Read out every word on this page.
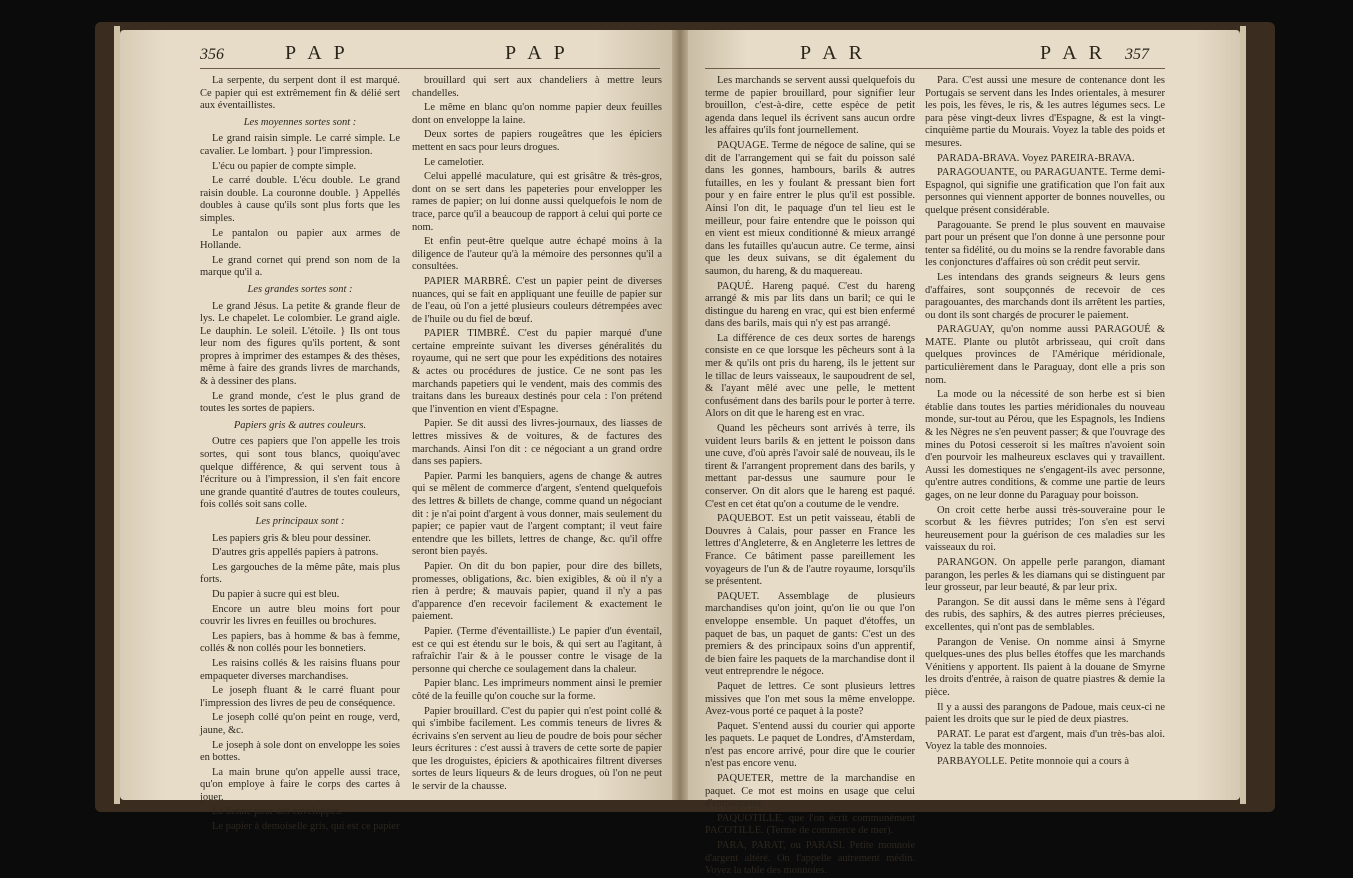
356	P A P	P A P	P A R	P A R 357

La serpente, du serpent dont il est marqué. Ce papier qui est extrêmement fin & délié sert aux éventaillistes.

Les moyennes sortes sont :

Le grand raisin simple. Le carré simple. Le cavalier. Le lombart. } pour l'impression.

L'écu ou papier de compte simple.

Le carré double. L'écu double. Le grand raisin double. La couronne double. } Appellés doubles à cause qu'ils sont plus forts que les simples.

Le pantalon ou papier aux armes de Hollande.

Le grand cornet qui prend son nom de la marque qu'il a.

Les grandes sortes sont :

Le grand Jésus. La petite & grande fleur de lys. Le chapelet. Le colombier. Le grand aigle. Le dauphin. Le soleil. L'étoile. } Ils ont tous leur nom des figures qu'ils portent, & sont propres à imprimer des estampes & des thèses, même à faire des grands livres de marchands, & à dessiner des plans.

Le grand monde, c'est le plus grand de toutes les sortes de papiers.

Papiers gris & autres couleurs.

Outre ces papiers que l'on appelle les trois sortes, qui sont tous blancs, quoiqu'avec quelque différence, & qui servent tous à l'écriture ou à l'impression, il s'en fait encore une grande quantité d'autres de toutes couleurs, fois collés soit sans colle.

Les principaux sont :

Les papiers gris & bleu pour dessiner.

D'autres gris appellés papiers à patrons.

Les gargouches de la même pâte, mais plus forts.

Du papier à sucre qui est bleu.

Encore un autre bleu moins fort pour couvrir les livres en feuilles ou brochures.

Les papiers, bas à homme & bas à femme, collés & non collés pour les bonnetiers.

Les raisins collés & les raisins fluans pour empaqueter diverses marchandises.

Le joseph fluant & le carré fluant pour l'impression des livres de peu de conséquence.

Le joseph collé qu'on peint en rouge, verd, jaune, &c.

Le joseph à sole dont on enveloppe les soies en bottes.

La main brune qu'on appelle aussi trace, qu'on employe à faire le corps des cartes à jouer.

La lienne pour des enveloppes.

Le papier à demoiselle gris, qui est ce papier

brouillard qui sert aux chandeliers à mettre leurs chandelles.

Le même en blanc qu'on nomme papier deux feuilles dont on enveloppe la laine.

Deux sortes de papiers rougeâtres que les épiciers mettent en sacs pour leurs drogues.

Le camelotier.

Celui appellé maculature, qui est grisâtre & très-gros, dont on se sert dans les papeteries pour envelopper les rames de papier; on lui donne aussi quelquefois le nom de trace, parce qu'il a beaucoup de rapport à celui qui porte ce nom.

Et enfin peut-être quelque autre échapé moins à la diligence de l'auteur qu'à la mémoire des personnes qu'il a consultées.

PAPIER MARBRÉ. C'est un papier peint de diverses nuances, qui se fait en appliquant une feuille de papier sur de l'eau, où l'on a jetté plusieurs couleurs détrempées avec de l'huile ou du fiel de bœuf.

PAPIER TIMBRÉ. C'est du papier marqué d'une certaine empreinte suivant les diverses généralités du royaume, qui ne sert que pour les expéditions des notaires & actes ou procédures de justice. Ce ne sont pas les marchands papetiers qui le vendent, mais des commis des traitans dans les bureaux destinés pour cela : l'on prétend que l'invention en vient d'Espagne.

Papier. Se dit aussi des livres-journaux, des liasses de lettres missives & de voitures, & de factures des marchands. Ainsi l'on dit : ce négociant a un grand ordre dans ses papiers.

Papier. Parmi les banquiers, agens de change & autres qui se mêlent de commerce d'argent, s'entend quelquefois des lettres & billets de change, comme quand un négociant dit : je n'ai point d'argent à vous donner, mais seulement du papier; ce papier vaut de l'argent comptant; il veut faire entendre que les billets, lettres de change, &c. qu'il offre seront bien payés.

Papier. On dit du bon papier, pour dire des billets, promesses, obligations, &c. bien exigibles, & où il n'y a rien à perdre; & mauvais papier, quand il n'y a pas d'apparence d'en recevoir facilement & exactement le paiement.

Papier. (Terme d'éventailliste.) Le papier d'un éventail, est ce qui est étendu sur le bois, & qui sert au l'agitant, à rafraîchir l'air & à le pousser contre le visage de la personne qui cherche ce soulagement dans la chaleur.

Papier blanc. Les imprimeurs nomment ainsi le premier côté de la feuille qu'on couche sur la forme.

Papier brouillard. C'est du papier qui n'est point collé & qui s'imbibe facilement. Les commis teneurs de livres & écrivains s'en servent au lieu de poudre de bois pour sécher leurs écritures : c'est aussi à travers de cette sorte de papier que les droguistes, épiciers & apothicaires filtrent diverses sortes de leurs liqueurs & de leurs drogues, où l'on ne peut le servir de la chausse.

Les marchands se servent aussi quelquefois du terme de papier brouillard, pour signifier leur brouillon, c'est-à-dire, cette espèce de petit agenda dans lequel ils écrivent sans aucun ordre les affaires qu'ils font journellement.

PAQUAGE. Terme de négoce de saline, qui se dit de l'arrangement qui se fait du poisson salé dans les gonnes, hambours, barils & autres futailles, en les y foulant & pressant bien fort pour y en faire entrer le plus qu'il est possible. Ainsi l'on dit, le paquage d'un tel lieu est le meilleur, pour faire entendre que le poisson qui en vient est mieux conditionné & mieux arrangé dans les futailles qu'aucun autre. Ce terme, ainsi que les deux suivans, se dit également du saumon, du hareng, & du maquereau.

PAQUÉ. Hareng paqué. C'est du hareng arrangé & mis par lits dans un baril; ce qui le distingue du hareng en vrac, qui est bien enfermé dans des barils, mais qui n'y est pas arrangé.

La différence de ces deux sortes de harengs consiste en ce que lorsque les pêcheurs sont à la mer & qu'ils ont pris du hareng, ils le jettent sur le tillac de leurs vaisseaux, le saupoudrent de sel, & l'ayant mêlé avec une pelle, le mettent confusément dans des barils pour le porter à terre. Alors on dit que le hareng est en vrac.

Quand les pêcheurs sont arrivés à terre, ils vuident leurs barils & en jettent le poisson dans une cuve, d'où après l'avoir salé de nouveau, ils le tirent & l'arrangent proprement dans des barils, y mettant par-dessus une saumure pour le conserver. On dit alors que le hareng est paqué. C'est en cet état qu'on a coutume de le vendre.

PAQUEBOT. Est un petit vaisseau, établi de Douvres à Calais, pour passer en France les lettres d'Angleterre, & en Angleterre les lettres de France. Ce bâtiment passe pareillement les voyageurs de l'un & de l'autre royaume, lorsqu'ils se présentent.

PAQUET. Assemblage de plusieurs marchandises qu'on joint, qu'on lie ou que l'on enveloppe ensemble. Un paquet d'étoffes, un paquet de bas, un paquet de gants: C'est un des premiers & des principaux soins d'un apprentif, de bien faire les paquets de la marchandise dont il veut entreprendre le négoce.

Paquet de lettres. Ce sont plusieurs lettres missives que l'on met sous la même enveloppe. Avez-vous porté ce paquet à la poste?

Paquet. S'entend aussi du courier qui apporte les paquets. Le paquet de Londres, d'Amsterdam, n'est pas encore arrivé, pour dire que le courier n'est pas encore venu.

PAQUETER, mettre de la marchandise en paquet. Ce mot est moins en usage que celui d'empaqueter.

PAQUOTILLE, que l'on écrit communément PACOTILLE. (Terme de commerce de mer).

PARA, PARAT, ou PARASI. Petite monnoie d'argent altéré. On l'appelle autrement médin. Voyez la table des monnoies.

Para. C'est aussi une mesure de contenance dont les Portugais se servent dans les Indes orientales, à mesurer les pois, les fèves, le ris, & les autres légumes secs. Le para pèse vingt-deux livres d'Espagne, & est la vingt-cinquième partie du Mourais. Voyez la table des poids et mesures.

PARADA-BRAVA. Voyez PAREIRA-BRAVA.

PARAGOUANTE, ou PARAGUANTE. Terme demi-Espagnol, qui signifie une gratification que l'on fait aux personnes qui viennent apporter de bonnes nouvelles, ou quelque présent considérable.

Paragouante. Se prend le plus souvent en mauvaise part pour un présent que l'on donne à une personne pour tenter sa fidélité, ou du moins se la rendre favorable dans les conjonctures d'affaires où son crédit peut servir.

Les intendans des grands seigneurs & leurs gens d'affaires, sont soupçonnés de recevoir de ces paragouantes, des marchands dont ils arrêtent les parties, ou dont ils sont chargés de procurer le paiement.

PARAGUAY, qu'on nomme aussi PARAGOUÉ & MATE. Plante ou plutôt arbrisseau, qui croît dans quelques provinces de l'Amérique méridionale, particulièrement dans le Paraguay, dont elle a pris son nom.

La mode ou la nécessité de son herbe est si bien établie dans toutes les parties méridionales du nouveau monde, sur-tout au Pérou, que les Espagnols, les Indiens & les Nègres ne s'en peuvent passer; & que l'ouvrage des mines du Potosi cesseroit si les maîtres n'avoient soin d'en pourvoir les malheureux esclaves qui y travaillent. Aussi les domestiques ne s'engagent-ils avec personne, qu'entre autres conditions, & comme une partie de leurs gages, on ne leur donne du Paraguay pour boisson.

On croit cette herbe aussi très-souveraine pour le scorbut & les fièvres putrides; l'on s'en est servi heureusement pour la guérison de ces maladies sur les vaisseaux du roi.

PARANGON. On appelle perle parangon, diamant parangon, les perles & les diamans qui se distinguent par leur grosseur, par leur beauté, & par leur prix.

Parangon. Se dit aussi dans le même sens à l'égard des rubis, des saphirs, & des autres pierres précieuses, excellentes, qui n'ont pas de semblables.

Parangon de Venise. On nomme ainsi à Smyrne quelques-unes des plus belles étoffes que les marchands Vénitiens y apportent. Ils paient à la douane de Smyrne les droits d'entrée, à raison de quatre piastres & demie la pièce.

Il y a aussi des parangons de Padoue, mais ceux-ci ne paient les droits que sur le pied de deux piastres.

PARAT. Le parat est d'argent, mais d'un très-bas aloi. Voyez la table des monnoies.

PARBAYOLLE. Petite monnoie qui a cours à
